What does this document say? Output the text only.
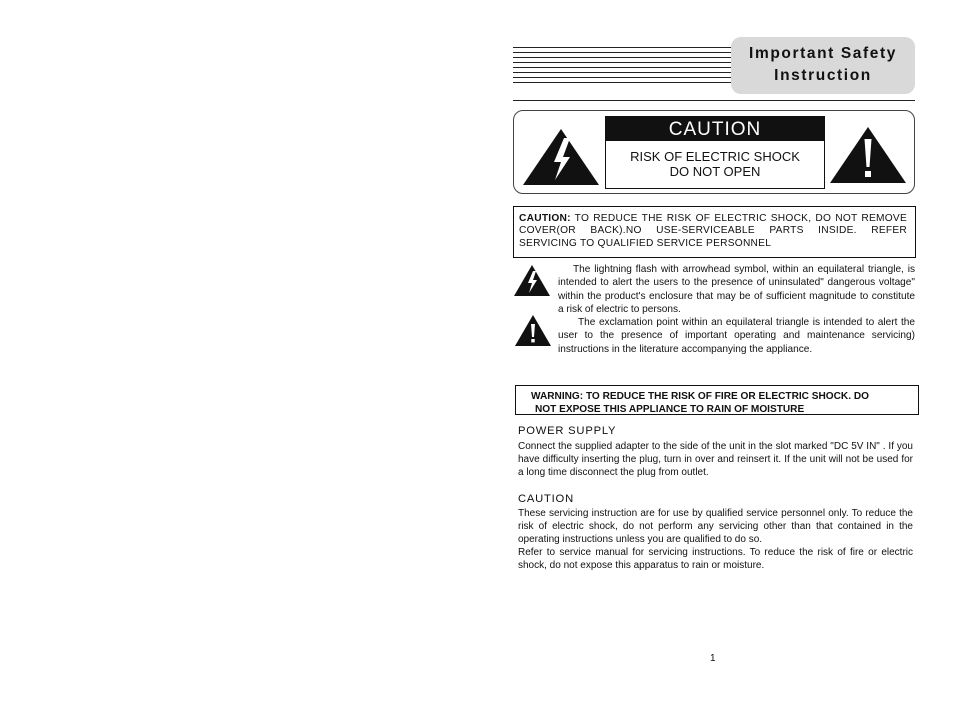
Important Safety
Instruction
CAUTION
RISK OF ELECTRIC SHOCK
DO NOT OPEN
CAUTION: TO REDUCE THE RISK OF ELECTRIC SHOCK, DO NOT REMOVE COVER(OR BACK).NO USE-SERVICEABLE PARTS INSIDE. REFER SERVICING TO QUALIFIED SERVICE PERSONNEL
The lightning flash with arrowhead symbol, within an equilateral triangle, is intended to alert the users to the presence of uninsulated" dangerous voltage" within the product's enclosure that may be of sufficient magnitude to constitute a risk of electric to persons.
The exclamation point within an equilateral triangle is intended to alert the user to the presence of important operating and maintenance servicing) instructions in the literature accompanying the appliance.
WARNING: TO REDUCE THE RISK OF FIRE OR ELECTRIC SHOCK. DO
NOT EXPOSE THIS APPLIANCE TO RAIN OF MOISTURE
POWER SUPPLY
Connect the supplied adapter to the side of the unit in the slot marked "DC 5V IN" . If you have difficulty inserting the plug, turn in over and reinsert it. If the unit will not be used for a long time disconnect the plug from outlet.
CAUTION
These servicing instruction are for use by qualified service personnel only. To reduce the risk of electric shock, do not perform any servicing other than that contained in the operating instructions unless you are qualified to do so.
Refer to service manual for servicing instructions. To reduce the risk of fire or electric shock, do not expose this apparatus to rain or moisture.
1
